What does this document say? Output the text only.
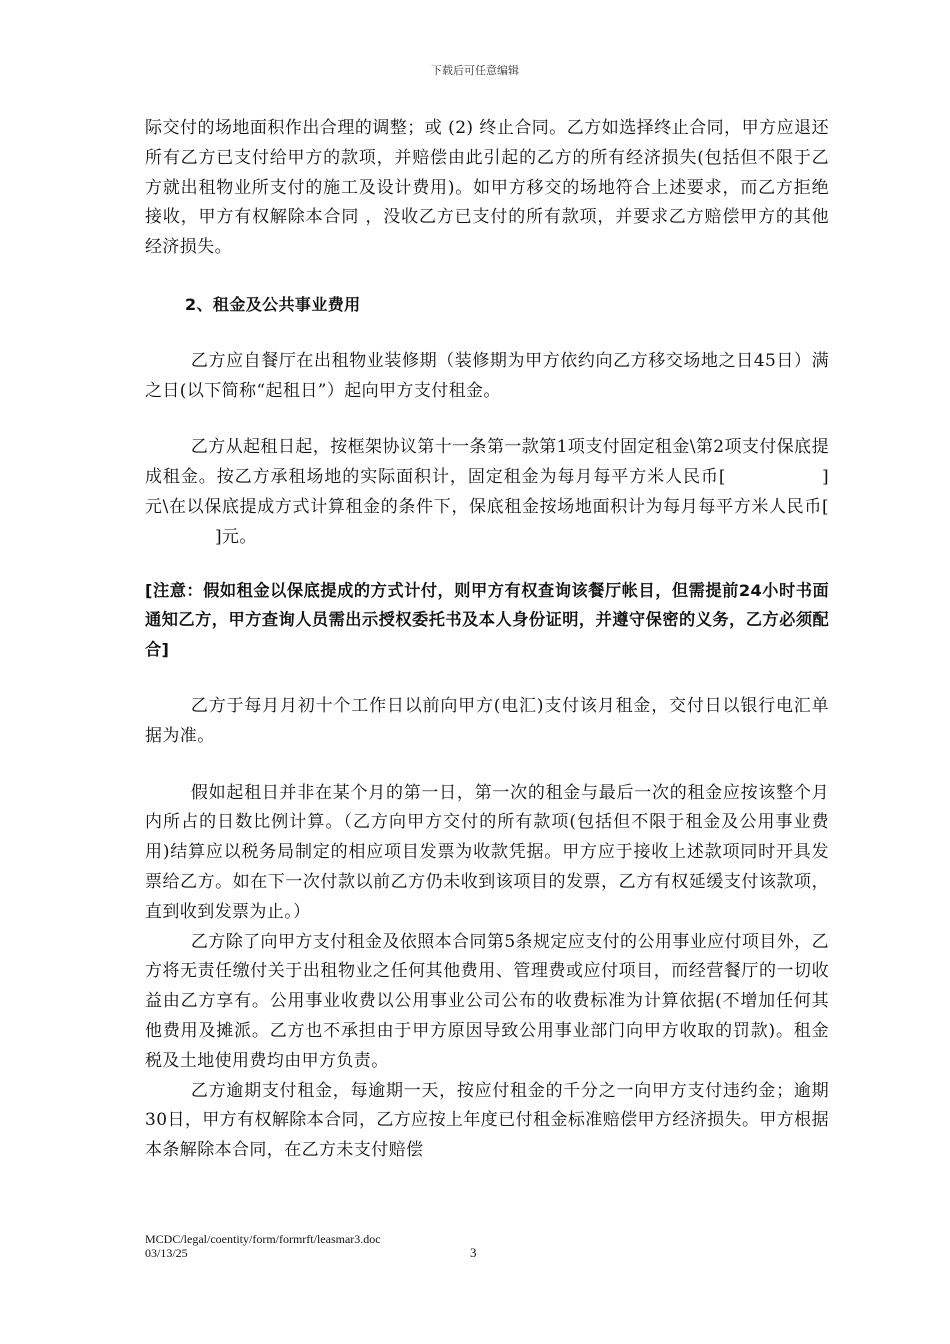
下载后可任意编辑

际交付的场地面积作出合理的调整；或 (2) 终止合同。乙方如选择终止合同，甲方应退还所有乙方已支付给甲方的款项，并赔偿由此引起的乙方的所有经济损失(包括但不限于乙方就出租物业所支付的施工及设计费用)。如甲方移交的场地符合上述要求，而乙方拒绝接收，甲方有权解除本合同 ，没收乙方已支付的所有款项，并要求乙方赔偿甲方的其他经济损失。

2、租金及公共事业费用

乙方应自餐厅在出租物业装修期（装修期为甲方依约向乙方移交场地之日45日）满之日(以下简称“起租日”）起向甲方支付租金。

乙方从起租日起，按框架协议第十一条第一款第1项支付固定租金\第2项支付保底提成租金。按乙方承租场地的实际面积计，固定租金为每月每平方米人民币[	]元\在以保底提成方式计算租金的条件下，保底租金按场地面积计为每月每平方米人民币[]元。

[注意：假如租金以保底提成的方式计付，则甲方有权查询该餐厅帐目，但需提前24小时书面通知乙方，甲方查询人员需出示授权委托书及本人身份证明，并遵守保密的义务，乙方必须配合]

乙方于每月月初十个工作日以前向甲方(电汇)支付该月租金，交付日以银行电汇单据为准。

假如起租日并非在某个月的第一日，第一次的租金与最后一次的租金应按该整个月内所占的日数比例计算。（乙方向甲方交付的所有款项(包括但不限于租金及公用事业费用)结算应以税务局制定的相应项目发票为收款凭据。甲方应于接收上述款项同时开具发票给乙方。如在下一次付款以前乙方仍未收到该项目的发票，乙方有权延缓支付该款项，直到收到发票为止。）

乙方除了向甲方支付租金及依照本合同第5条规定应支付的公用事业应付项目外，乙方将无责任缴付关于出租物业之任何其他费用、管理费或应付项目，而经营餐厅的一切收益由乙方享有。公用事业收费以公用事业公司公布的收费标准为计算依据(不增加任何其他费用及摊派。乙方也不承担由于甲方原因导致公用事业部门向甲方收取的罚款)。租金税及土地使用费均由甲方负责。

乙方逾期支付租金，每逾期一天，按应付租金的千分之一向甲方支付违约金；逾期30日，甲方有权解除本合同，乙方应按上年度已付租金标准赔偿甲方经济损失。甲方根据本条解除本合同，在乙方未支付赔偿

MCDC/legal/coentity/form/formrft/leasmar3.doc
03/13/25	3
